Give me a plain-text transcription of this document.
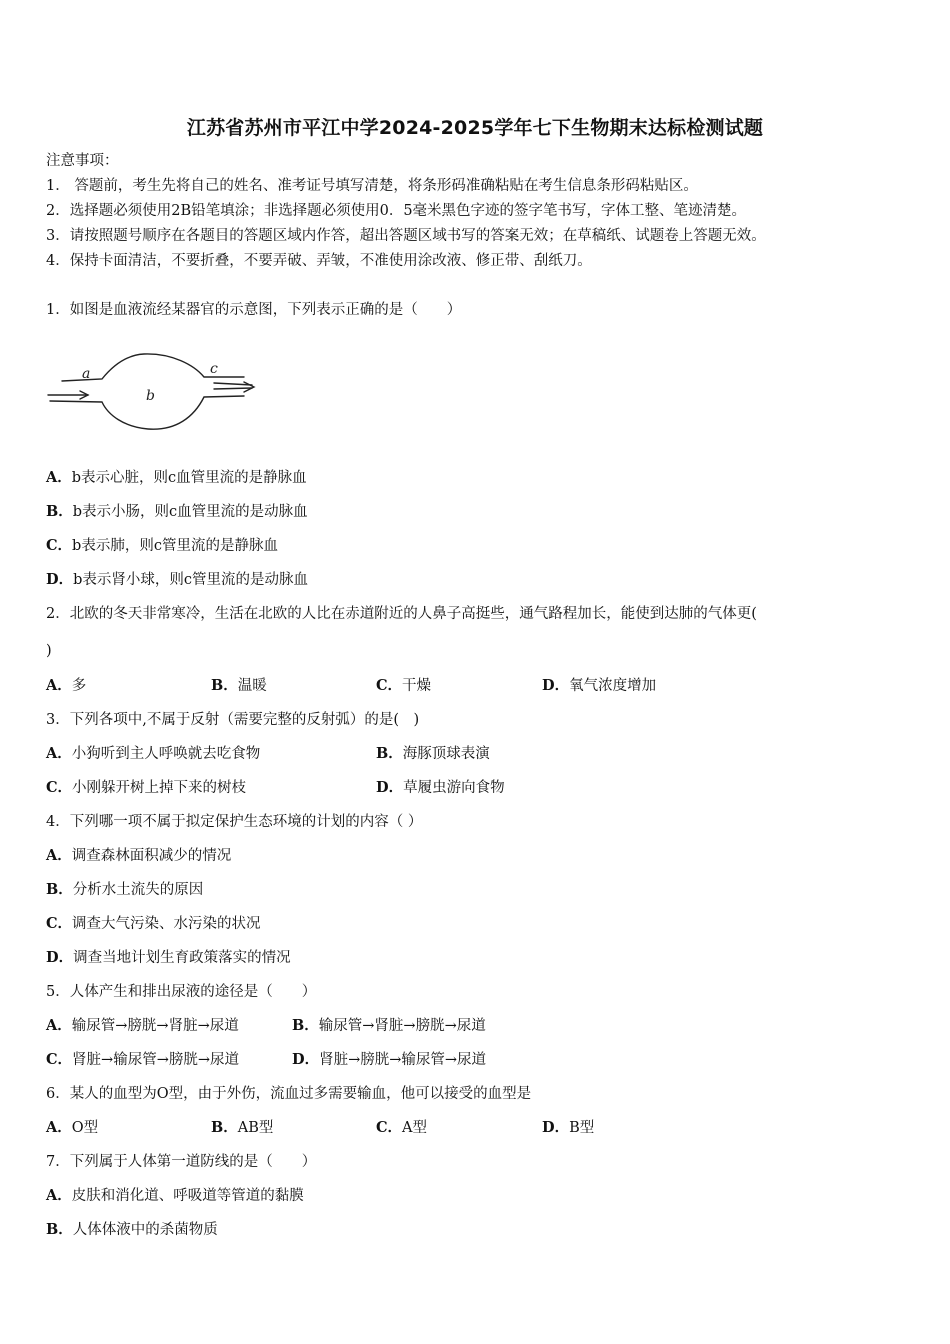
江苏省苏州市平江中学2024-2025学年七下生物期末达标检测试题
注意事项：
1． 答题前，考生先将自己的姓名、准考证号填写清楚，将条形码准确粘贴在考生信息条形码粘贴区。
2．选择题必须使用2B铅笔填涂；非选择题必须使用0．5毫米黑色字迹的签字笔书写，字体工整、笔迹清楚。
3．请按照题号顺序在各题目的答题区域内作答，超出答题区域书写的答案无效；在草稿纸、试题卷上答题无效。
4．保持卡面清洁，不要折叠，不要弄破、弄皱，不准使用涂改液、修正带、刮纸刀。
1．如图是血液流经某器官的示意图，下列表示正确的是（　　）
a
b
c
A．b表示心脏，则c血管里流的是静脉血
B．b表示小肠，则c血管里流的是动脉血
C．b表示肺，则c管里流的是静脉血
D．b表示肾小球，则c管里流的是动脉血
2．北欧的冬天非常寒冷，生活在北欧的人比在赤道附近的人鼻子高挺些，通气路程加长，能使到达肺的气体更(
)
A．多	B．温暖	C．干燥	D．氧气浓度增加
3．下列各项中,不属于反射（需要完整的反射弧）的是(　)
A．小狗听到主人呼唤就去吃食物	B．海豚顶球表演
C．小刚躲开树上掉下来的树枝	D．草履虫游向食物
4．下列哪一项不属于拟定保护生态环境的计划的内容（ ）
A．调查森林面积减少的情况
B．分析水土流失的原因
C．调查大气污染、水污染的状况
D．调查当地计划生育政策落实的情况
5．人体产生和排出尿液的途径是（　　）
A．输尿管→膀胱→肾脏→尿道	B．输尿管→肾脏→膀胱→尿道
C．肾脏→输尿管→膀胱→尿道	D．肾脏→膀胱→输尿管→尿道
6．某人的血型为O型，由于外伤，流血过多需要输血，他可以接受的血型是
A．O型	B．AB型	C．A型	D．B型
7．下列属于人体第一道防线的是（　　）
A．皮肤和消化道、呼吸道等管道的黏膜
B．人体体液中的杀菌物质
